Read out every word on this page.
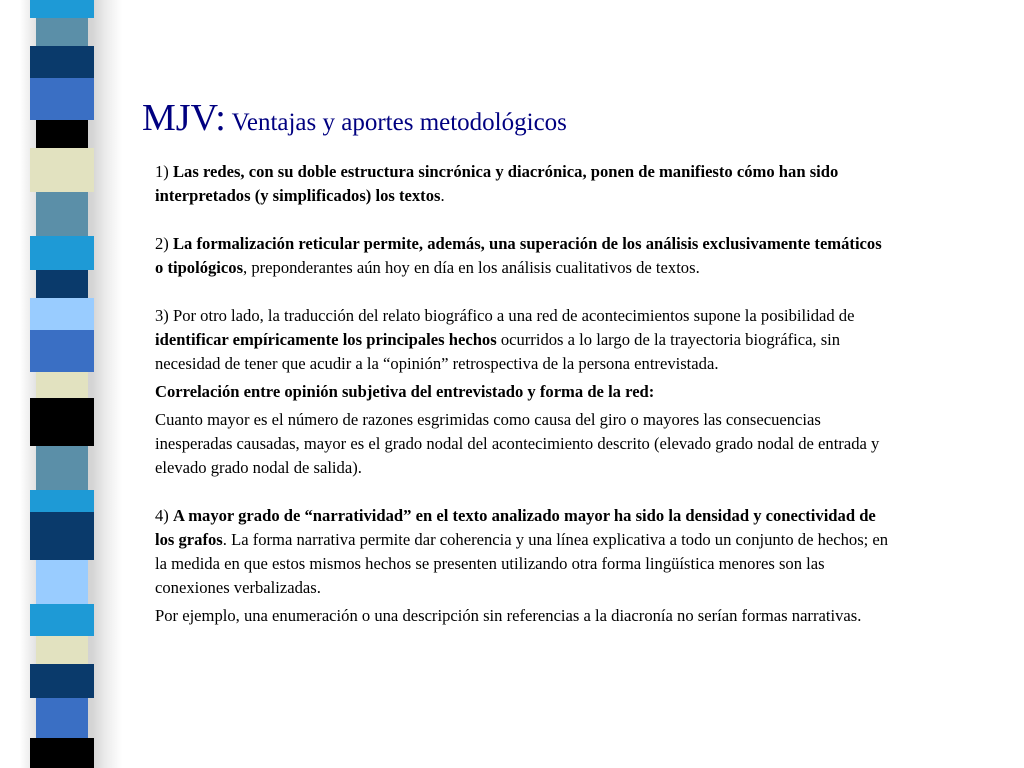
MJV: Ventajas y aportes metodológicos

1) Las redes, con su doble estructura sincrónica y diacrónica, ponen de manifiesto cómo han sido interpretados (y simplificados) los textos.

2) La formalización reticular permite, además, una superación de los análisis exclusivamente temáticos o tipológicos, preponderantes aún hoy en día en los análisis cualitativos de textos.

3) Por otro lado, la traducción del relato biográfico a una red de acontecimientos supone la posibilidad de identificar empíricamente los principales hechos ocurridos a lo largo de la trayectoria biográfica, sin necesidad de tener que acudir a la “opinión” retrospectiva de la persona entrevistada.

Correlación entre opinión subjetiva del entrevistado y forma de la red:

Cuanto mayor es el número de razones esgrimidas como causa del giro o mayores las consecuencias inesperadas causadas, mayor es el grado nodal del acontecimiento descrito (elevado grado nodal de entrada y elevado grado nodal de salida).

4) A mayor grado de “narratividad” en el texto analizado mayor ha sido la densidad y conectividad de los grafos. La forma narrativa permite dar coherencia y una línea explicativa a todo un conjunto de hechos; en la medida en que estos mismos hechos se presenten utilizando otra forma lingüística menores son las conexiones verbalizadas.

Por ejemplo, una enumeración o una descripción sin referencias a la diacronía no serían formas narrativas.
